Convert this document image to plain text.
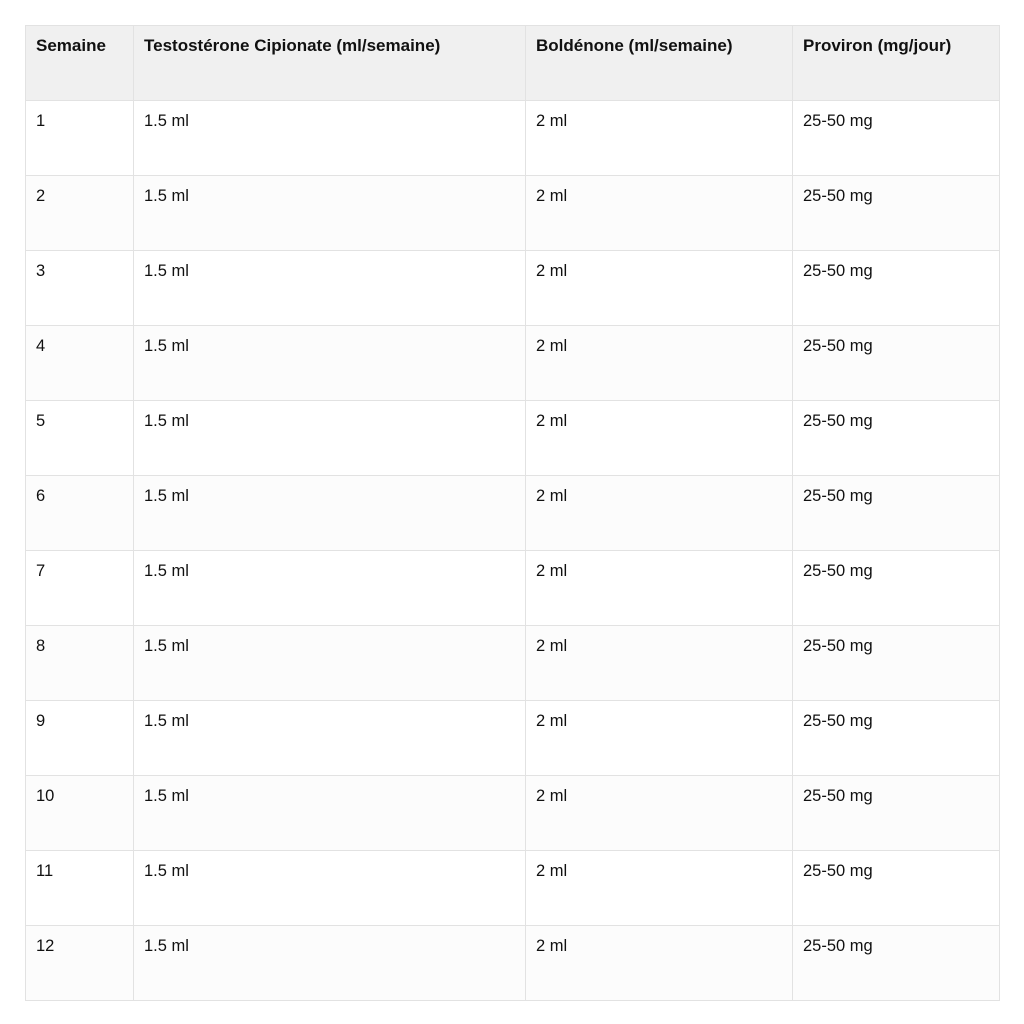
Semaine	Testostérone Cipionate (ml/semaine)	Boldénone (ml/semaine)	Proviron (mg/jour)
1	1.5 ml	2 ml	25-50 mg
2	1.5 ml	2 ml	25-50 mg
3	1.5 ml	2 ml	25-50 mg
4	1.5 ml	2 ml	25-50 mg
5	1.5 ml	2 ml	25-50 mg
6	1.5 ml	2 ml	25-50 mg
7	1.5 ml	2 ml	25-50 mg
8	1.5 ml	2 ml	25-50 mg
9	1.5 ml	2 ml	25-50 mg
10	1.5 ml	2 ml	25-50 mg
11	1.5 ml	2 ml	25-50 mg
12	1.5 ml	2 ml	25-50 mg
